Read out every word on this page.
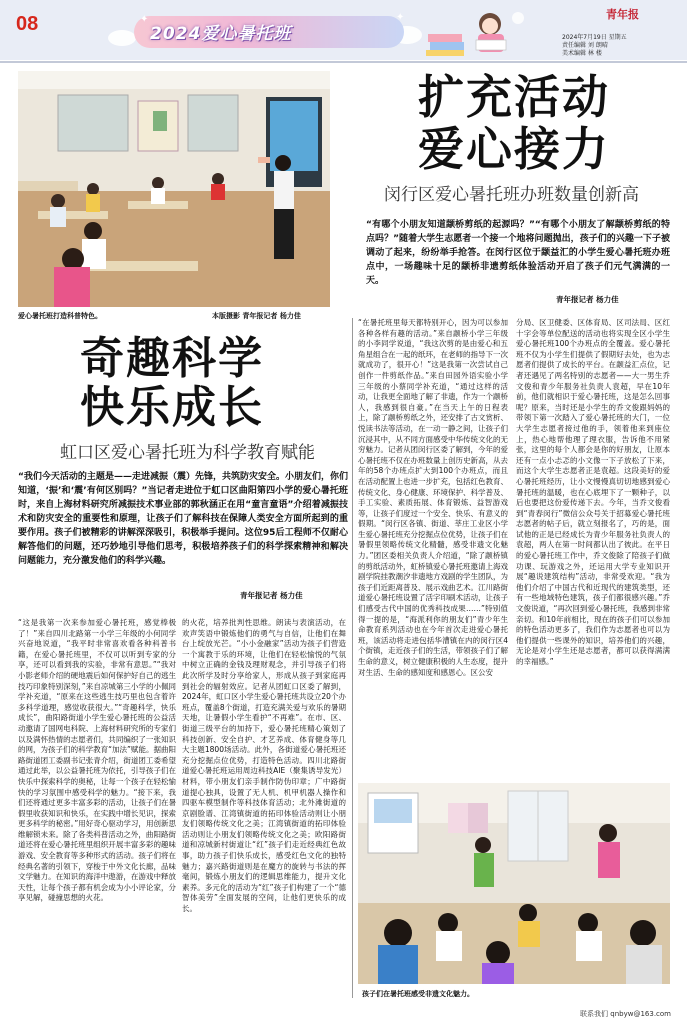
08	✦	✦
2024爱心暑托班
青年报
2024年7月19日 星期五
责任编辑 刘 朗晴
美术编辑 林 楼
爱心暑托班打造科普特色。	本版摄影 青年报记者 杨力佳
扩充活动
爱心接力
闵行区爱心暑托班办班数量创新高
“有哪个小朋友知道颛桥剪纸的起源吗？”“有哪个小朋友了解颛桥剪纸的特点吗？”随着大学生志愿者一个接一个地将问题抛出，孩子们的兴趣一下子被调动了起来，纷纷举手抢答。在闵行区位于颛益汇的小学生爱心暑托班办班点中，一场趣味十足的颛桥非遗剪纸体验活动开启了孩子们元气满满的一天。
青年报记者 杨力佳
奇趣科学
快乐成长
虹口区爱心暑托班为科学教育赋能
“我们今天活动的主题是——走进减振（震）先锋，共筑防灾安全。小朋友们，你们知道，‘振’和‘震’有何区别吗？”当记者走进位于虹口区曲阳第四小学的爱心暑托班时，来自上海材料研究所减振技术事业部的郭秋涵正在用“童言童语”介绍着减振技术和防灾安全的重要性和原理，让孩子们了解科技在保障人类安全方面所起到的重要作用。孩子们被精彩的讲解深深吸引，积极举手提问。这位95后工程师不仅耐心解答他们的问题，还巧妙地引导他们思考，积极培养孩子们的科学探索精神和解决问题能力，充分激发他们的科学兴趣。
青年报记者 杨力佳
“这是我第一次来参加爱心暑托班，感觉棒极了！”来自四川北路第一小学三年级的小何同学兴奋地说道，“我平时非常喜欢看各种科普书籍，在爱心暑托班里，不仅可以听到专家的分享，还可以看到我的实验，非常有意思。”“我对小影老师介绍的硬地震后如何保护好自己的逃生技巧印象特别深刻，”来自凉城第三小学的小佩同学补充道，“原来在这些逃生技巧里也包含着许多科学道理，感觉收获很大。”“奇趣科学，快乐成长”，曲阳路街道小学生爱心暑托班的公益活动邀请了国网电科院、上海材料研究所的专家们以及满怀热情的志愿者们，共同编织了一张知识的网，为孩子们的科学教育“加法”赋能。据曲阳路街道团工委副书记张青介绍，街道团工委希望通过此举，以公益暑托班为依托，引导孩子们在快乐中探索科学的奥秘，让每一个孩子在轻松愉快的学习氛围中感受科学的魅力。“接下来，我们还将通过更多丰富多彩的活动，让孩子们在暑假里收获知识和快乐，在实践中增长见识，探索更多科学的秘密。”用好奇心驱动学习，用创新思维解锁未来。除了各类科普活动之外，曲阳路街道还将在爱心暑托班里组织开展丰富多彩的趣味游戏、安全教育等多种形式的活动。孩子们将在经典名著的引领下，穿梭于中外文化长廊，品味文学魅力。在知识的海洋中遨游，在游戏中释放天性，让每个孩子都有机会成为小小评论家，分享见解，碰撞思想的火花。
的火花，培养批判性思维。朗读与表演活动，在欢声笑语中锻炼他们的勇气与自信，让他们在舞台上绽放光芒。“小小金融家”活动为孩子们营造一个寓教于乐的环境，让他们在轻松愉悦的气氛中树立正确的金钱及理财观念，并引导孩子们将此次所学及时分享给家人，形成从孩子到家庭再到社会的辐射效应。记者从团虹口区委了解到，2024年，虹口区小学生爱心暑托班共设立20个办班点，覆盖8个街道，打造充满关爱与欢乐的暑期天地，让暑假小学生看护“不再难”。在市、区、街道三级平台的加持下，爱心暑托班精心策划了科技创新、安全自护、才艺养成、体育健身等几大主题1800场活动。此外，各街道爱心暑托班还充分挖掘点位优势，打造特色活动。四川北路街道爱心暑托班运用周边科技AIE（聚集诱导发光）材料，带小朋友们亲手制作防伪印章；广中路街道提心独具，设置了无人机、机甲机器人操作和四驱车模型制作等科技体育活动；北外滩街道的京剧脸谱、江湾镇街道的拓印体验活动则让小朋友们领略传统文化之美；江湾镇街道的拓印体验活动则让小朋友们领略传统文化之美；欧阳路街道和凉城新村街道让“红”孩子们走近经典红色故事，助力孩子们快乐成长，感受红色文化的独特魅力；嘉兴路街道则是在魔方的旋转与书法的挥毫间，锻炼小朋友们的逻辑思维能力，提升文化素养。多元化的活动为“红”孩子们构建了一个“德智体美劳”全面发展的空间，让他们更快乐的成长。
“在暑托班里每天都特别开心，因为可以参加各种各样有趣的活动。”来自颛桥小学三年级的小李同学说道，“我这次剪的是由爱心和五角星组合在一起的纸环，在老师的指导下一次就成功了，很开心！”这是我第一次尝试自己创作一件剪纸作品。”来自田园外语实验小学三年级的小蔡同学补充道，“通过这样的活动，让我更全面地了解了非遗，作为一个颛桥人，我感到很自豪。”在当天上午的日程表上，除了颛桥剪纸之外，还安排了古文赏析、悦读书法等活动，在一动一静之间，让孩子们沉浸其中，从不同方面感受中华传统文化的无穷魅力。记者从团闵行区委了解到，今年的爱心暑托班不仅在办班数量上创历史新高，从去年的58个办班点扩大到100个办班点，而且在活动配置上也进一步扩充，包括红色教育、传统文化、身心健康、环境保护、科学普及、手工实验、素质拓展、体育锻炼、益智游戏等，让孩子们度过一个安全、快乐、有意义的假期。“闵行区各镇、街道、莘庄工业区小学生爱心暑托班充分挖掘点位优势，让孩子们在暑假里领略传统文化精髓，感受非遗文化魅力。”团区委相关负责人介绍道，“除了颛桥镇的剪纸活动外，虹桥镇爱心暑托班邀请上海戏剧学院挂教潮汐非遗地方戏剧的学生团队，为孩子们近距离普及、展示戏曲艺术。江川路街道爱心暑托班设置了活字印刷术活动，让孩子们感受古代中国的优秀科技成果……”特别值得一提的是，“海派利你的朋友们”青少年生命教育系列活动也在今年首次走进爱心暑托班，该活动将走进包括华漕镇在内的闵行区4个街镇，走近孩子们的生活，带领孩子们了解生命的意义，树立健康积极的人生态度，提升对生活、生命的感知度和感恩心。区公安
分局、区卫健委、区体育局、区司法局、区红十字会等单位配送的活动也将实现全区小学生爱心暑托班100个办班点的全覆盖。爱心暑托班不仅为小学生们提供了假期好去处，也为志愿者们提供了成长的平台。在颛益汇点位，记者还遇见了两名特别的志愿者——大一男生乔文俊和青少年服务社负责人袁超，早在10年前，他们就相识于爱心暑托班，这是怎么回事呢？原来，当时还是小学生的乔文俊跟妈妈的带领下第一次踏入了爱心暑托班的大门，一位大学生志愿者接过他的手，领着他来到座位上，热心地帮他理了理衣服，告诉他不用紧张，这里的每个人都会是你的好朋友，让原本还有一点小忐忑的小文像一下子放松了下来，而这个大学生志愿者正是袁超。这段美好的爱心暑托班经历，让小文慢慢真切切地感到爱心暑托班的温暖，也在心底埋下了一颗种子，以后也要把这份爱传递下去。今年，当乔文俊看到“青春闵行”微信公众号关于招募爱心暑托班志愿者的帖子后，就立刻报名了，巧的是，面试他的正是已经成长为青少年服务社负责人的袁超，两人在第一时间都认出了彼此。在平日的爱心暑托班工作中，乔文俊除了陪孩子们做功课、玩游戏之外，还运用大学专业知识开展“趣说建筑结构”活动，非常受欢迎。“我为他们介绍了中国古代和近现代的建筑类型，还有一些地域特色建筑，孩子们都很感兴趣。”乔文俊说道，“再次回到爱心暑托班，我感到非常亲切。和10年前相比，现在的孩子们可以参加的特色活动更多了，我们作为志愿者也可以为他们提供一些课外的知识，培养他们的兴趣，无论是对小学生还是志愿者，都可以获得满满的幸福感。”
孩子们在暑托班感受非遗文化魅力。
联系我们 qnbyw@163.com
